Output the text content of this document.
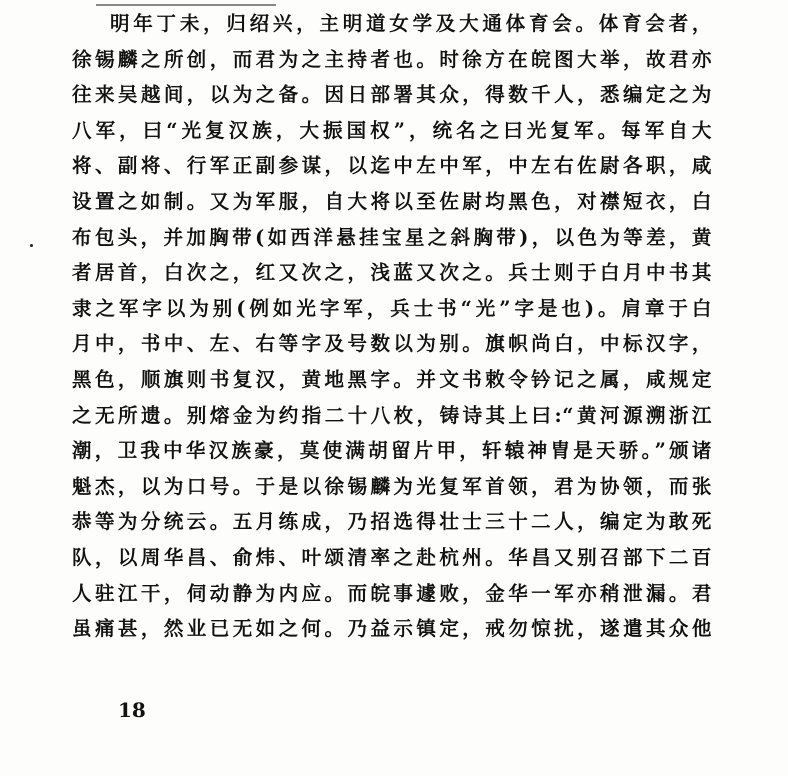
明年丁未，归绍兴，主明道女学及大通体育会。体育会者，
徐锡麟之所创，而君为之主持者也。时徐方在皖图大举，故君亦
往来吴越间，以为之备。因日部署其众，得数千人，悉编定之为
八军，曰“光复汉族，大振国权”，统名之曰光复军。每军自大
将、副将、行军正副参谋，以迄中左中军，中左右佐尉各职，咸
设置之如制。又为军服，自大将以至佐尉均黑色，对襟短衣，白
布包头，并加胸带(如西洋悬挂宝星之斜胸带)，以色为等差，黄
者居首，白次之，红又次之，浅蓝又次之。兵士则于白月中书其
隶之军字以为别(例如光字军，兵士书“光”字是也)。肩章于白
月中，书中、左、右等字及号数以为别。旗帜尚白，中标汉字，
黑色，顺旗则书复汉，黄地黑字。并文书敕令钤记之属，咸规定
之无所遗。别熔金为约指二十八枚，铸诗其上曰:“黄河源溯浙江
潮，卫我中华汉族豪，莫使满胡留片甲，轩辕神胄是天骄。”颁诸
魁杰，以为口号。于是以徐锡麟为光复军首领，君为协领，而张
恭等为分统云。五月练成，乃招选得壮士三十二人，编定为敢死
队，以周华昌、俞炜、叶颂清率之赴杭州。华昌又别召部下二百
人驻江干，伺动静为内应。而皖事遽败，金华一军亦稍泄漏。君
虽痛甚，然业已无如之何。乃益示镇定，戒勿惊扰，遂遣其众他
18
